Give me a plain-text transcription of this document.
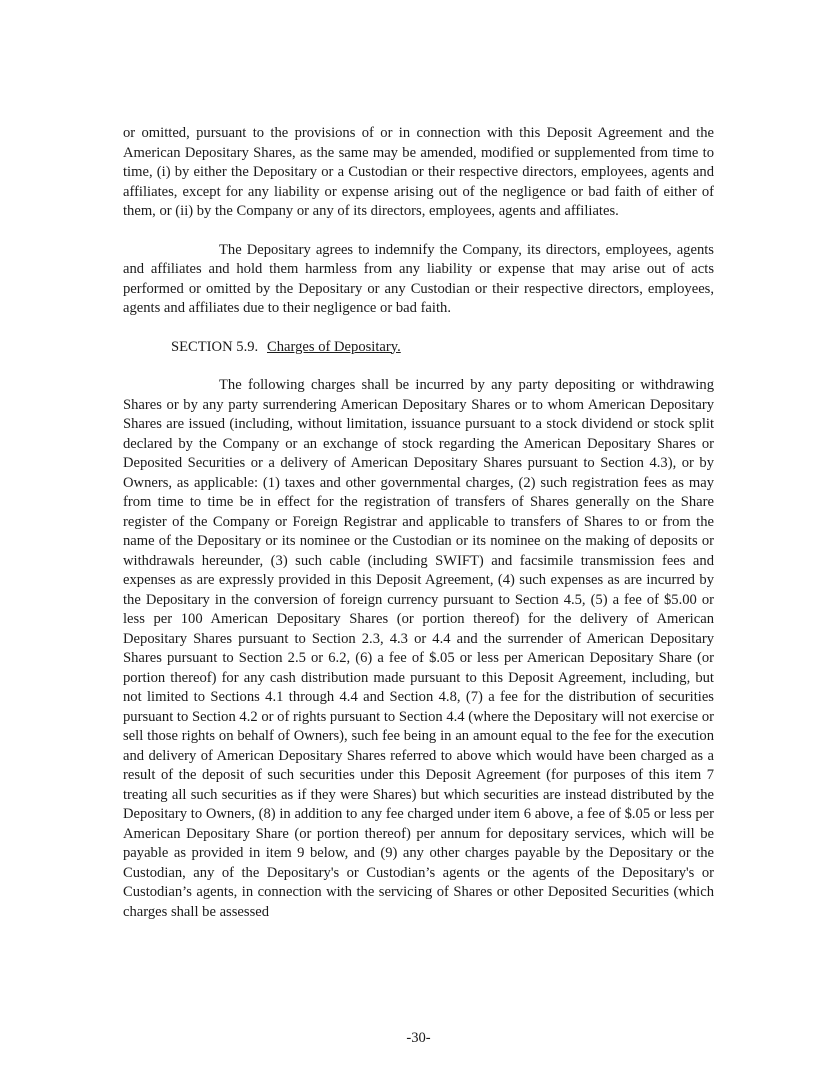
or omitted, pursuant to the provisions of or in connection with this Deposit Agreement and the American Depositary Shares, as the same may be amended, modified or supplemented from time to time, (i) by either the Depositary or a Custodian or their respective directors, employees, agents and affiliates, except for any liability or expense arising out of the negligence or bad faith of either of them, or (ii) by the Company or any of its directors, employees, agents and affiliates.

The Depositary agrees to indemnify the Company, its directors, employees, agents and affiliates and hold them harmless from any liability or expense that may arise out of acts performed or omitted by the Depositary or any Custodian or their respective directors, employees, agents and affiliates due to their negligence or bad faith.

SECTION 5.9. Charges of Depositary.

The following charges shall be incurred by any party depositing or withdrawing Shares or by any party surrendering American Depositary Shares or to whom American Depositary Shares are issued (including, without limitation, issuance pursuant to a stock dividend or stock split declared by the Company or an exchange of stock regarding the American Depositary Shares or Deposited Securities or a delivery of American Depositary Shares pursuant to Section 4.3), or by Owners, as applicable: (1) taxes and other governmental charges, (2) such registration fees as may from time to time be in effect for the registration of transfers of Shares generally on the Share register of the Company or Foreign Registrar and applicable to transfers of Shares to or from the name of the Depositary or its nominee or the Custodian or its nominee on the making of deposits or withdrawals hereunder, (3) such cable (including SWIFT) and facsimile transmission fees and expenses as are expressly provided in this Deposit Agreement, (4) such expenses as are incurred by the Depositary in the conversion of foreign currency pursuant to Section 4.5, (5) a fee of $5.00 or less per 100 American Depositary Shares (or portion thereof) for the delivery of American Depositary Shares pursuant to Section 2.3, 4.3 or 4.4 and the surrender of American Depositary Shares pursuant to Section 2.5 or 6.2, (6) a fee of $.05 or less per American Depositary Share (or portion thereof) for any cash distribution made pursuant to this Deposit Agreement, including, but not limited to Sections 4.1 through 4.4 and Section 4.8, (7) a fee for the distribution of securities pursuant to Section 4.2 or of rights pursuant to Section 4.4 (where the Depositary will not exercise or sell those rights on behalf of Owners), such fee being in an amount equal to the fee for the execution and delivery of American Depositary Shares referred to above which would have been charged as a result of the deposit of such securities under this Deposit Agreement (for purposes of this item 7 treating all such securities as if they were Shares) but which securities are instead distributed by the Depositary to Owners, (8) in addition to any fee charged under item 6 above, a fee of $.05 or less per American Depositary Share (or portion thereof) per annum for depositary services, which will be payable as provided in item 9 below, and (9) any other charges payable by the Depositary or the Custodian, any of the Depositary's or Custodian’s agents or the agents of the Depositary's or Custodian’s agents, in connection with the servicing of Shares or other Deposited Securities (which charges shall be assessed

-30-
